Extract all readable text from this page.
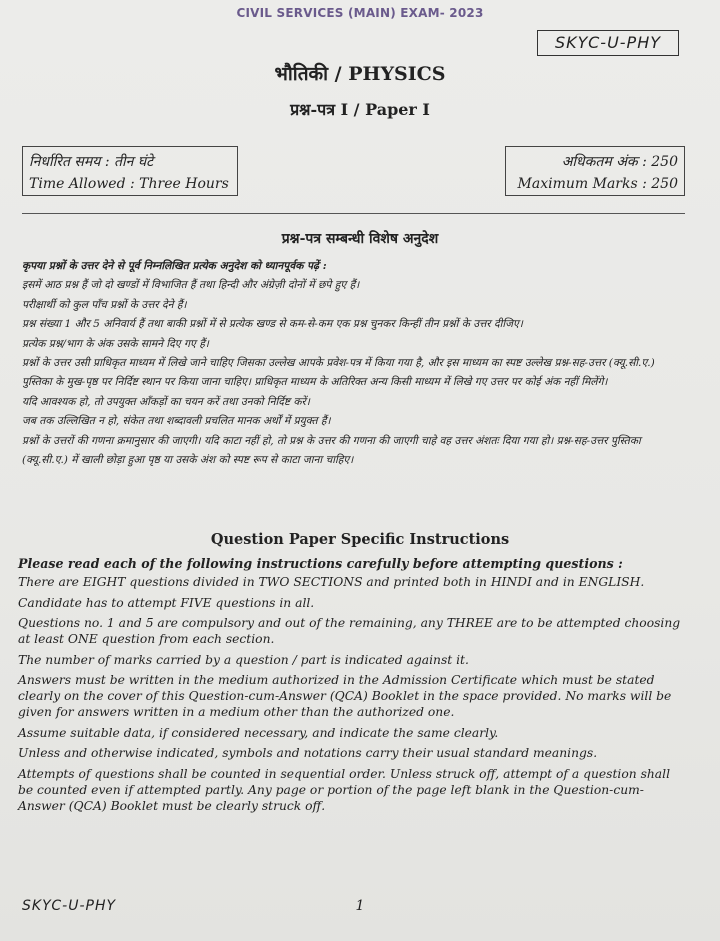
CIVIL SERVICES (MAIN) EXAM- 2023
SKYC-U-PHY
भौतिकी / PHYSICS
प्रश्न-पत्र I / Paper I
निर्धारित समय : तीन घंटे
Time Allowed : Three Hours
अधिकतम अंक : 250
Maximum Marks : 250
प्रश्न-पत्र सम्बन्धी विशेष अनुदेश

कृपया प्रश्नों के उत्तर देने से पूर्व निम्नलिखित प्रत्येक अनुदेश को ध्यानपूर्वक पढ़ें :

इसमें आठ प्रश्न हैं जो दो खण्डों में विभाजित हैं तथा हिन्दी और अंग्रेज़ी दोनों में छपे हुए हैं।

परीक्षार्थी को कुल पाँच प्रश्नों के उत्तर देने हैं।

प्रश्न संख्या 1 और 5 अनिवार्य हैं तथा बाकी प्रश्नों में से प्रत्येक खण्ड से कम-से-कम एक प्रश्न चुनकर किन्हीं तीन प्रश्नों के उत्तर दीजिए।

प्रत्येक प्रश्न/भाग के अंक उसके सामने दिए गए हैं।

प्रश्नों के उत्तर उसी प्राधिकृत माध्यम में लिखे जाने चाहिए जिसका उल्लेख आपके प्रवेश-पत्र में किया गया है, और इस माध्यम का स्पष्ट उल्लेख प्रश्न-सह-उत्तर (क्यू.सी.ए.) पुस्तिका के मुख-पृष्ठ पर निर्दिष्ट स्थान पर किया जाना चाहिए। प्राधिकृत माध्यम के अतिरिक्त अन्य किसी माध्यम में लिखे गए उत्तर पर कोई अंक नहीं मिलेंगे।

यदि आवश्यक हो, तो उपयुक्त आँकड़ों का चयन करें तथा उनको निर्दिष्ट करें।

जब तक उल्लिखित न हो, संकेत तथा शब्दावली प्रचलित मानक अर्थों में प्रयुक्त हैं।

प्रश्नों के उत्तरों की गणना क्रमानुसार की जाएगी। यदि काटा नहीं हो, तो प्रश्न के उत्तर की गणना की जाएगी चाहे वह उत्तर अंशतः दिया गया हो। प्रश्न-सह-उत्तर पुस्तिका (क्यू.सी.ए.) में खाली छोड़ा हुआ पृष्ठ या उसके अंश को स्पष्ट रूप से काटा जाना चाहिए।

Question Paper Specific Instructions

Please read each of the following instructions carefully before attempting questions :

There are EIGHT questions divided in TWO SECTIONS and printed both in HINDI and in ENGLISH.

Candidate has to attempt FIVE questions in all.

Questions no. 1 and 5 are compulsory and out of the remaining, any THREE are to be attempted choosing at least ONE question from each section.

The number of marks carried by a question / part is indicated against it.

Answers must be written in the medium authorized in the Admission Certificate which must be stated clearly on the cover of this Question-cum-Answer (QCA) Booklet in the space provided. No marks will be given for answers written in a medium other than the authorized one.

Assume suitable data, if considered necessary, and indicate the same clearly.

Unless and otherwise indicated, symbols and notations carry their usual standard meanings.

Attempts of questions shall be counted in sequential order. Unless struck off, attempt of a question shall be counted even if attempted partly. Any page or portion of the page left blank in the Question-cum-Answer (QCA) Booklet must be clearly struck off.

SKYC-U-PHY	1
